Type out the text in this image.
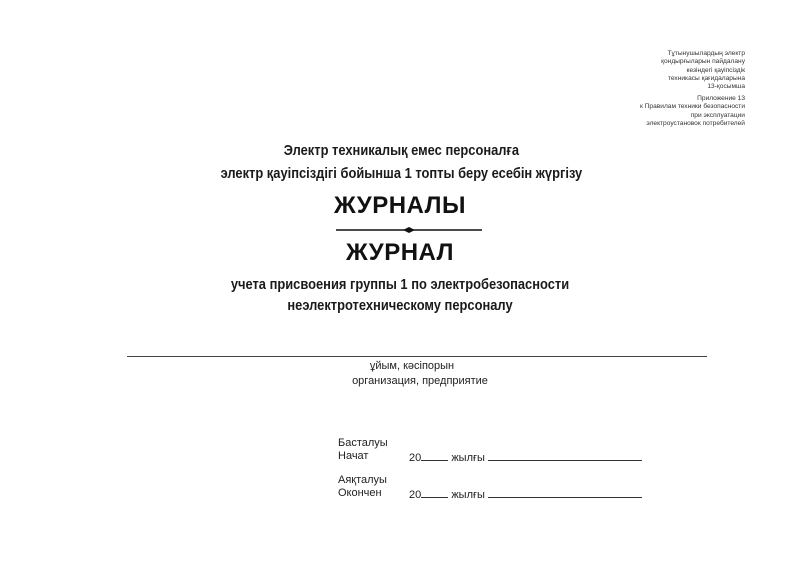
Тұтынушылардың электр
қондырғыларын пайдалану
кезіндегі қауіпсіздік
техникасы қағидаларына
13-қосымша
Приложение 13
к Правилам техники безопасности
при эксплуатации
электроустановок потребителей
Электр техникалық емес персоналға
электр қауіпсіздігі бойынша 1 топты беру есебін жүргізу
ЖУРНАЛЫ
ЖУРНАЛ
учета присвоения группы 1 по электробезопасности
неэлектротехническому персоналу
ұйым, кәсіпорын
организация, предприятие
Басталуы
Начат	20	жылғы
Аяқталуы
Окончен 20	жылғы
